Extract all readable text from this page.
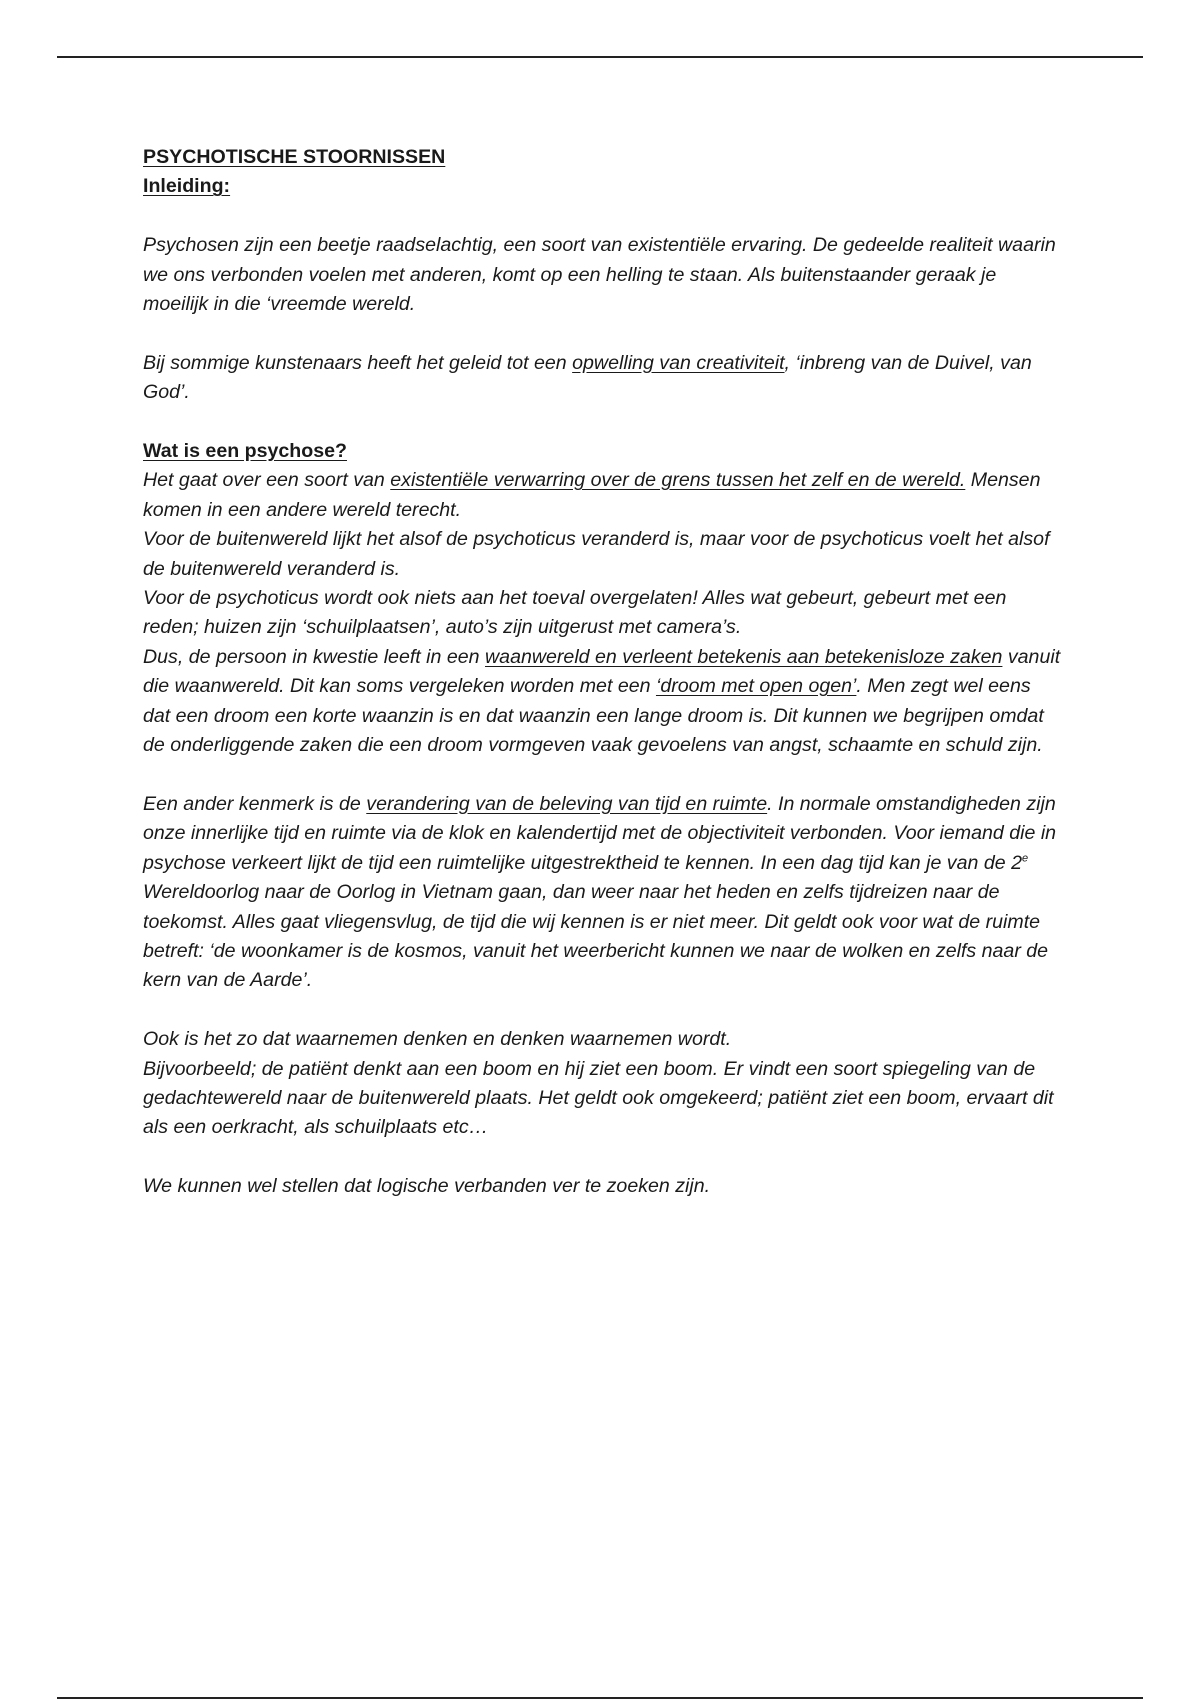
PSYCHOTISCHE STOORNISSEN
Inleiding:

Psychosen zijn een beetje raadselachtig, een soort van existentiële ervaring. De gedeelde realiteit waarin we ons verbonden voelen met anderen, komt op een helling te staan. Als buitenstaander geraak je moeilijk in die ‘vreemde wereld.

Bij sommige kunstenaars heeft het geleid tot een opwelling van creativiteit, ‘inbreng van de Duivel, van God’.

Wat is een psychose?
Het gaat over een soort van existentiële verwarring over de grens tussen het zelf en de wereld. Mensen komen in een andere wereld terecht.
Voor de buitenwereld lijkt het alsof de psychoticus veranderd is, maar voor de psychoticus voelt het alsof de buitenwereld veranderd is.
Voor de psychoticus wordt ook niets aan het toeval overgelaten! Alles wat gebeurt, gebeurt met een reden; huizen zijn ‘schuilplaatsen’, auto’s zijn uitgerust met camera’s.
Dus, de persoon in kwestie leeft in een waanwereld en verleent betekenis aan betekenisloze zaken vanuit die waanwereld. Dit kan soms vergeleken worden met een ‘droom met open ogen’. Men zegt wel eens dat een droom een korte waanzin is en dat waanzin een lange droom is. Dit kunnen we begrijpen omdat de onderliggende zaken die een droom vormgeven vaak gevoelens van angst, schaamte en schuld zijn.

Een ander kenmerk is de verandering van de beleving van tijd en ruimte. In normale omstandigheden zijn onze innerlijke tijd en ruimte via de klok en kalendertijd met de objectiviteit verbonden. Voor iemand die in psychose verkeert lijkt de tijd een ruimtelijke uitgestrektheid te kennen. In een dag tijd kan je van de 2e Wereldoorlog naar de Oorlog in Vietnam gaan, dan weer naar het heden en zelfs tijdreizen naar de toekomst. Alles gaat vliegensvlug, de tijd die wij kennen is er niet meer. Dit geldt ook voor wat de ruimte betreft: ‘de woonkamer is de kosmos, vanuit het weerbericht kunnen we naar de wolken en zelfs naar de kern van de Aarde’.

Ook is het zo dat waarnemen denken en denken waarnemen wordt.
Bijvoorbeeld; de patiënt denkt aan een boom en hij ziet een boom. Er vindt een soort spiegeling van de gedachtewereld naar de buitenwereld plaats. Het geldt ook omgekeerd; patiënt ziet een boom, ervaart dit als een oerkracht, als schuilplaats etc…

We kunnen wel stellen dat logische verbanden ver te zoeken zijn.
